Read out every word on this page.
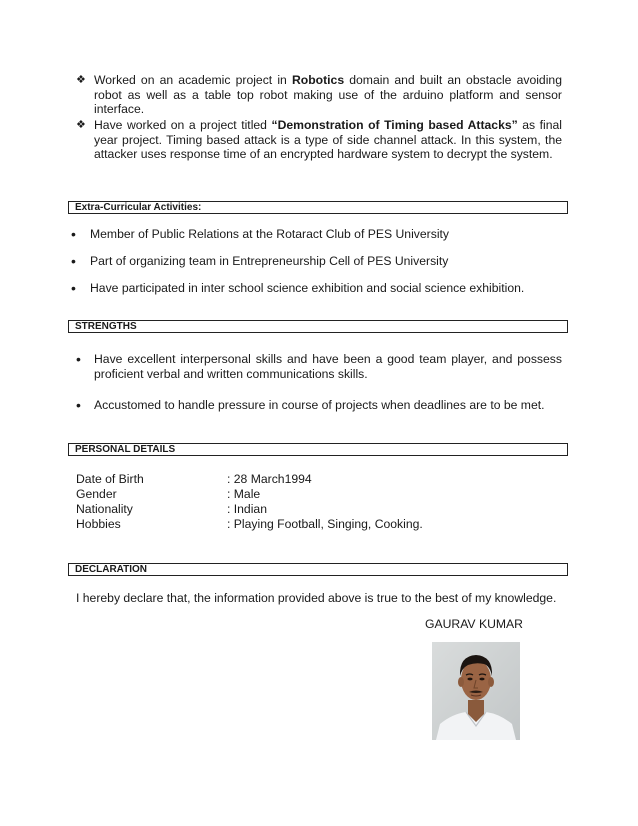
❖ Worked on an academic project in Robotics domain and built an obstacle avoiding robot as well as a table top robot making use of the arduino platform and sensor interface.
❖ Have worked on a project titled “Demonstration of Timing based Attacks” as final year project. Timing based attack is a type of side channel attack. In this system, the attacker uses response time of an encrypted hardware system to decrypt the system.
Extra-Curricular Activities:
• Member of Public Relations at the Rotaract Club of PES University
• Part of organizing team in Entrepreneurship Cell of PES University
• Have participated in inter school science exhibition and social science exhibition.
STRENGTHS
• Have excellent interpersonal skills and have been a good team player, and possess proficient verbal and written communications skills.
• Accustomed to handle pressure in course of projects when deadlines are to be met.
PERSONAL DETAILS
Date of Birth	: 28 March1994
Gender	: Male
Nationality	: Indian
Hobbies	: Playing Football, Singing, Cooking.
DECLARATION
I hereby declare that, the information provided above is true to the best of my knowledge.
GAURAV KUMAR
